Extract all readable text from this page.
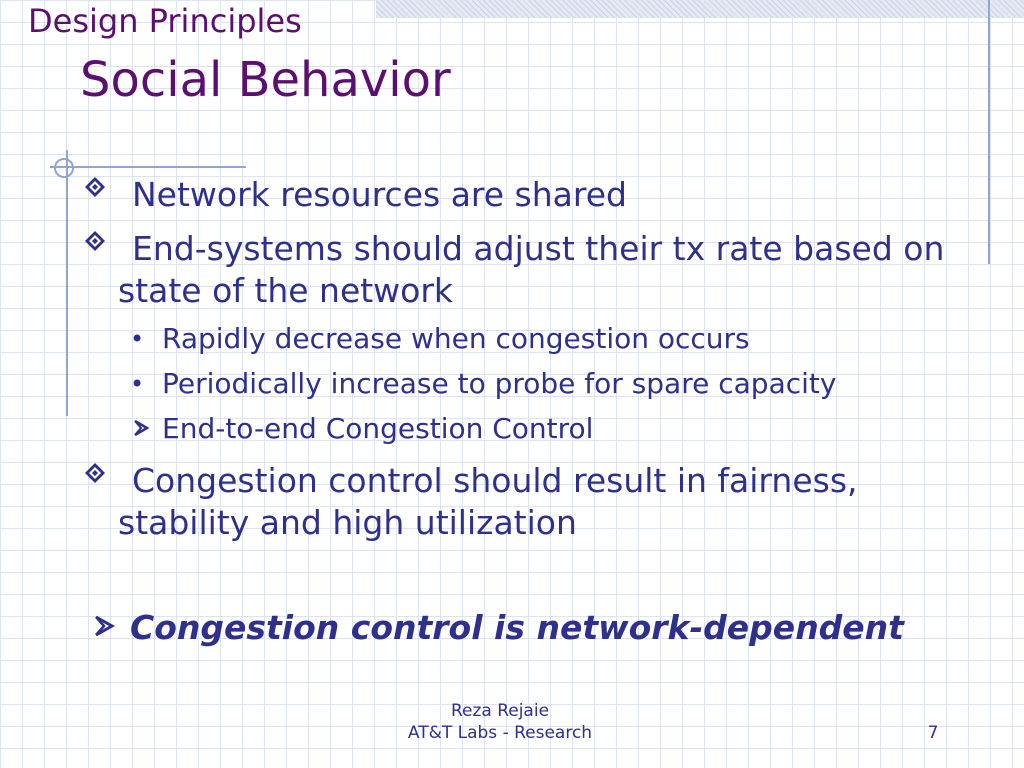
Design Principles
Social Behavior
Network resources are shared
End-systems should adjust their tx rate based on state of the network
• Rapidly decrease when congestion occurs
• Periodically increase to probe for spare capacity
End-to-end Congestion Control
Congestion control should result in fairness, stability and high utilization
Congestion control is network-dependent
Reza Rejaie
AT&T Labs - Research	7
